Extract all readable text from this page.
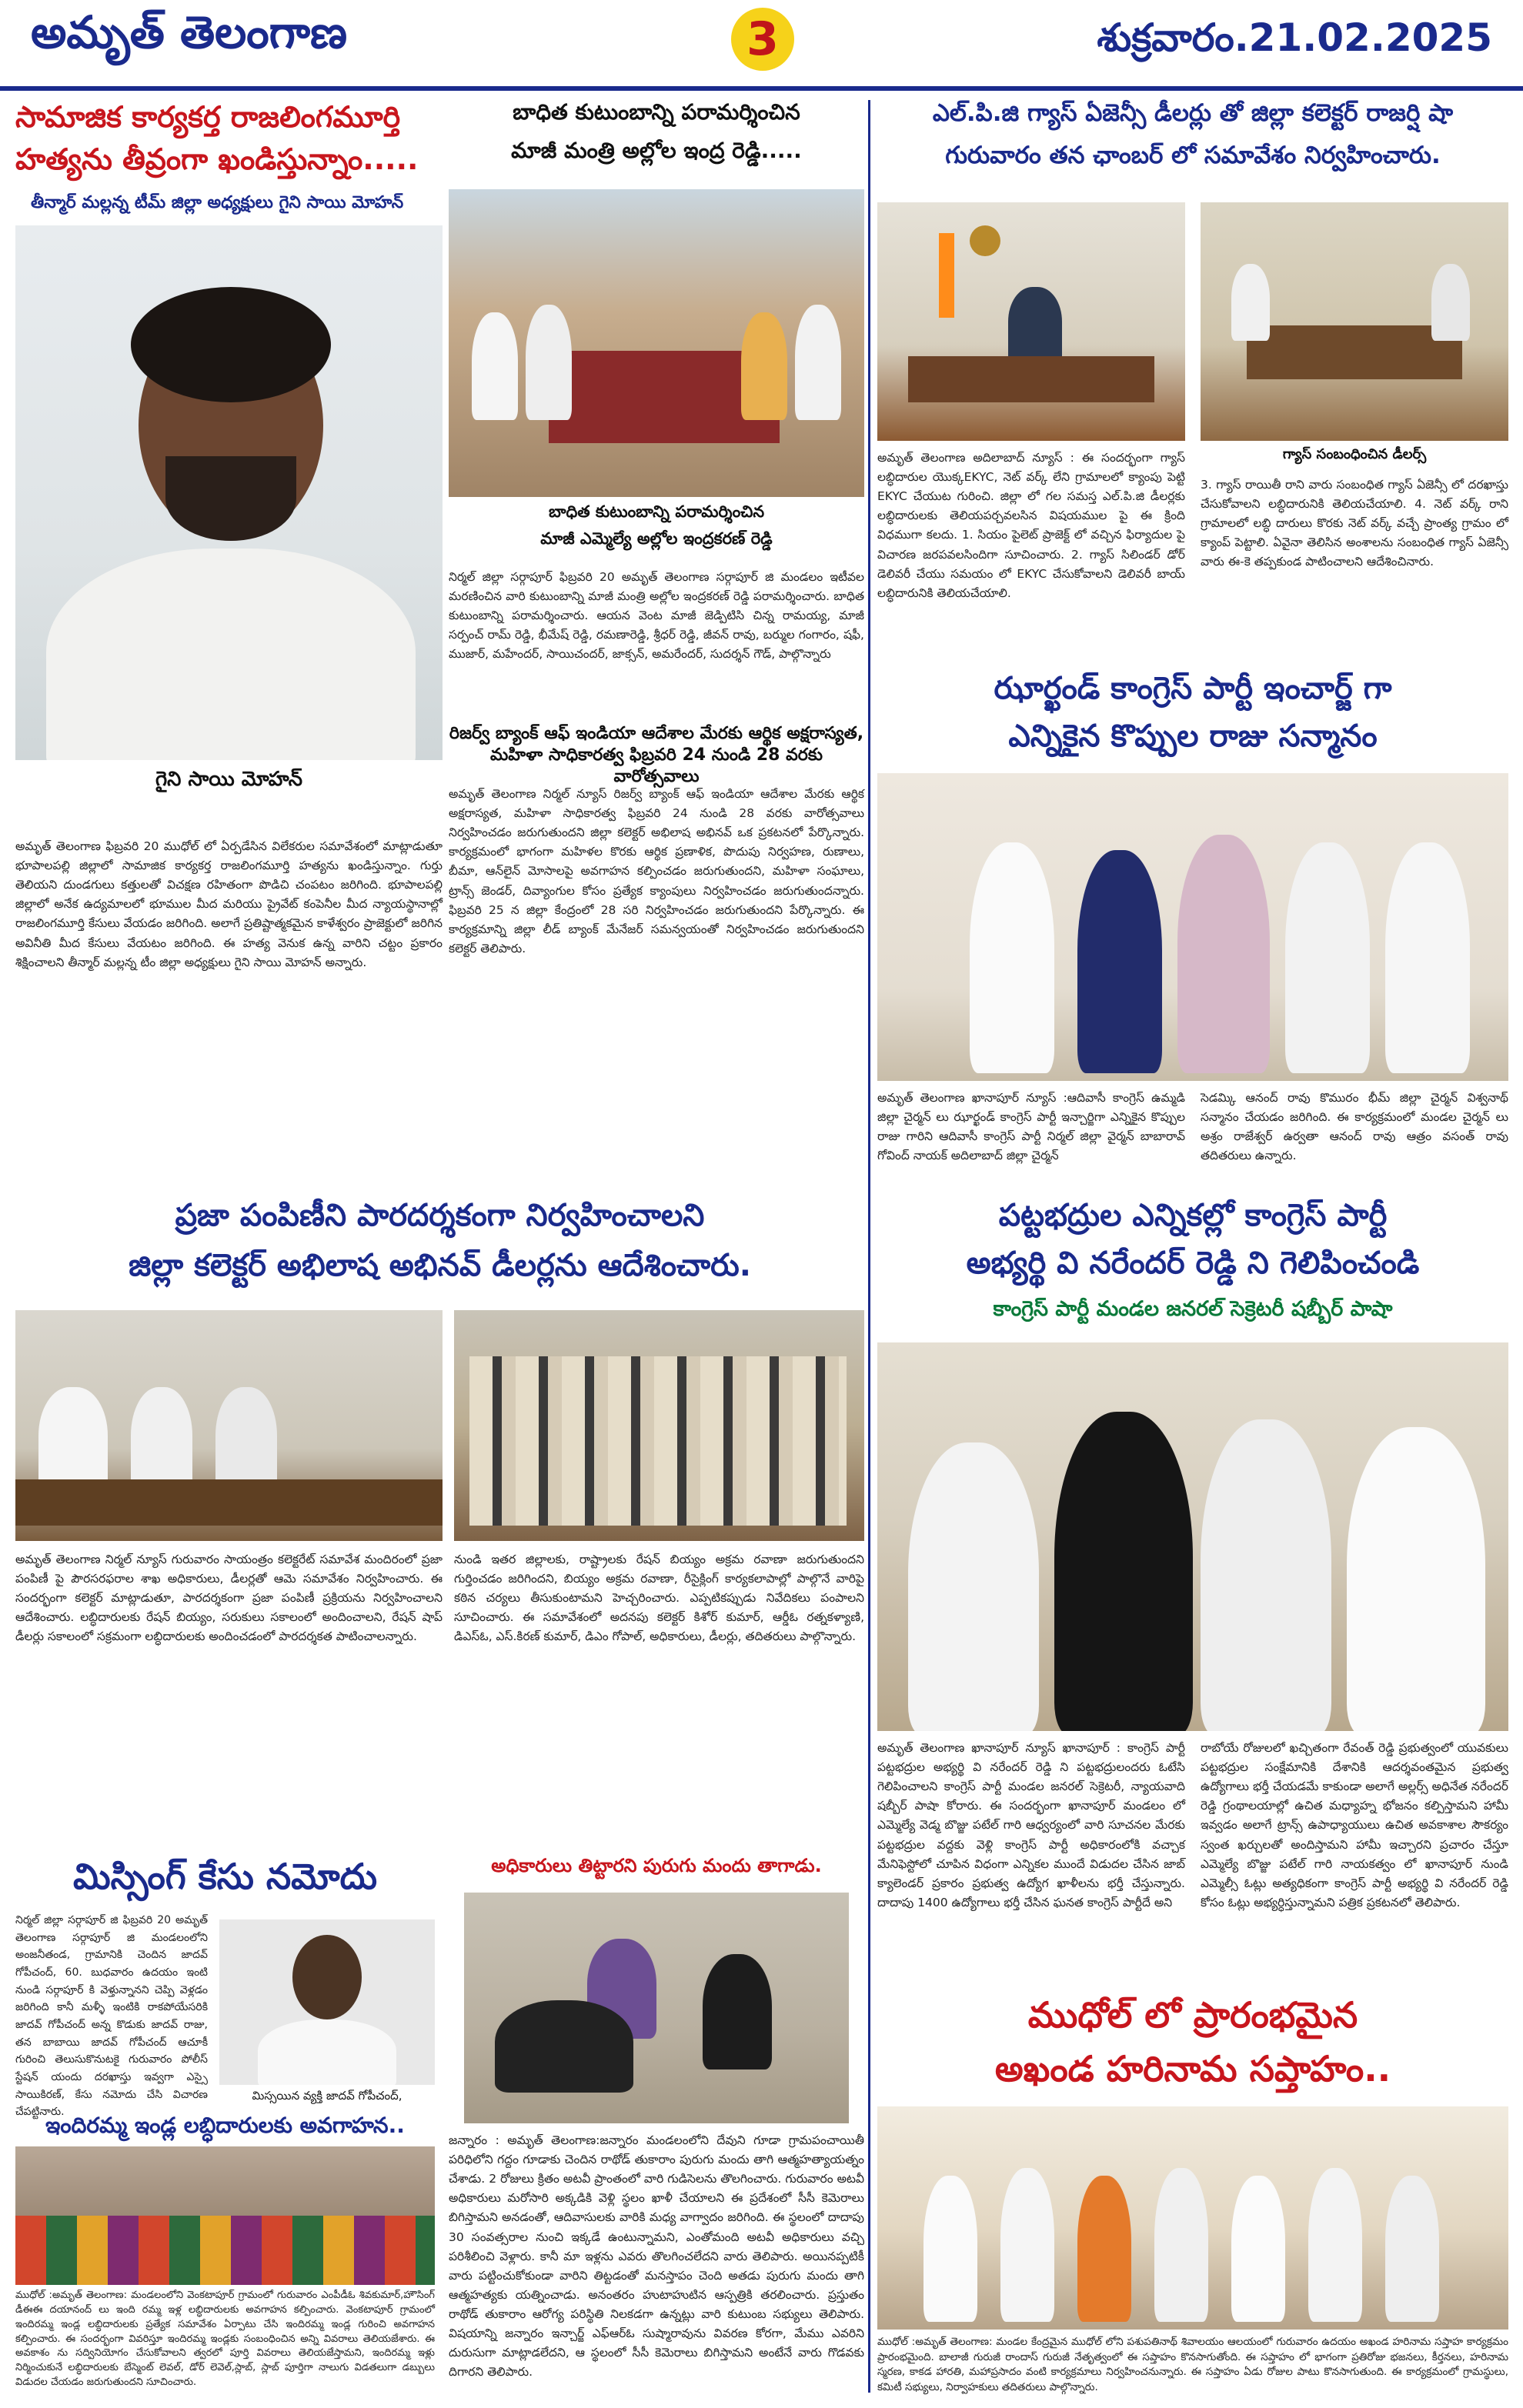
అమృత్ తెలంగాణ	3	శుక్రవారం.21.02.2025
సామాజిక కార్యకర్త రాజలింగమూర్తి
హత్యను తీవ్రంగా ఖండిస్తున్నాం.....
తీన్మార్ మల్లన్న టీమ్ జిల్లా అధ్యక్షులు గైని సాయి మోహన్
గైని సాయి మోహన్
అమృత్ తెలంగాణ ఫిబ్రవరి 20 ముధోల్ లో ఏర్పడేసిన విలేకరుల సమావేశంలో మాట్లాడుతూ భూపాలపల్లి జిల్లాలో సామాజిక కార్యకర్త రాజలింగమూర్తి హత్యను ఖండిస్తున్నాం. గుర్తు తెలియని దుండగులు కత్తులతో విచక్షణ రహితంగా పొడిచి చంపటం జరిగింది. భూపాలపల్లి జిల్లాలో అనేక ఉద్యమాలలో భూముల మీద మరియు ప్రైవేట్ కంపెనీల మీద న్యాయస్థానాల్లో రాజలింగమూర్తి కేసులు వేయడం జరిగింది. అలాగే ప్రతిష్టాత్మకమైన కాళేశ్వరం ప్రాజెక్టులో జరిగిన అవినీతి మీద కేసులు వేయటం జరిగింది. ఈ హత్య వెనుక ఉన్న వారిని చట్టం ప్రకారం శిక్షించాలని తీన్మార్ మల్లన్న టీం జిల్లా అధ్యక్షులు గైని సాయి మోహన్ అన్నారు.
బాధిత కుటుంబాన్ని పరామర్శించిన
మాజీ మంత్రి అల్లోల ఇంద్ర రెడ్డి.....
బాధిత కుటుంబాన్ని పరామర్శించిన
మాజీ ఎమ్మెల్యే అల్లోల ఇంద్రకరణ్ రెడ్డి
నిర్మల్ జిల్లా సర్గాపూర్ ఫిబ్రవరి 20 అమృత్ తెలంగాణ సర్గాపూర్ జి మండలం ఇటీవల మరణించిన వారి కుటుంబాన్ని మాజీ మంత్రి అల్లోల ఇంద్రకరణ్ రెడ్డి పరామర్శించారు. బాధిత కుటుంబాన్ని పరామర్శించారు. ఆయన వెంట మాజీ జెడ్పిటిసి చిన్న రామయ్య, మాజీ సర్పంచ్ రామ్ రెడ్డి, భీమేష్ రెడ్డి, రమణారెడ్డి, శ్రీధర్ రెడ్డి, జీవన్ రావు, బర్ముల గంగారం, షఫీ, ముజార్, మహేందర్, సాయిచందర్, జాక్సన్, అమరేందర్, సుదర్శన్ గౌడ్, పాల్గొన్నారు
రిజర్వ్ బ్యాంక్ ఆఫ్ ఇండియా ఆదేశాల మేరకు ఆర్థిక అక్షరాస్యత, మహిళా సాధికారత్వ ఫిబ్రవరి 24 నుండి 28 వరకు వారోత్సవాలు
అమృత్ తెలంగాణ నిర్మల్ న్యూస్ రిజర్వ్ బ్యాంక్ ఆఫ్ ఇండియా ఆదేశాల మేరకు ఆర్థిక అక్షరాస్యత, మహిళా సాధికారత్వ ఫిబ్రవరి 24 నుండి 28 వరకు వారోత్సవాలు నిర్వహించడం జరుగుతుందని జిల్లా కలెక్టర్ అభిలాష అభినవ్ ఒక ప్రకటనలో పేర్కొన్నారు. కార్యక్రమంలో భాగంగా మహిళల కొరకు ఆర్థిక ప్రణాళిక, పొదుపు నిర్వహణ, రుణాలు, బీమా, ఆన్‌లైన్ మోసాలపై అవగాహన కల్పించడం జరుగుతుందని, మహిళా సంఘాలు, ట్రాన్స్ జెండర్, దివ్యాంగుల కోసం ప్రత్యేక క్యాంపులు నిర్వహించడం జరుగుతుందన్నారు. ఫిబ్రవరి 25 న జిల్లా కేంద్రంలో 28 సరి నిర్వహించడం జరుగుతుందని పేర్కొన్నారు. ఈ కార్యక్రమాన్ని జిల్లా లీడ్ బ్యాంక్ మేనేజర్ సమన్వయంతో నిర్వహించడం జరుగుతుందని కలెక్టర్ తెలిపారు.
ఎల్.పి.జి గ్యాస్ ఏజెన్సీ డీలర్లు తో జిల్లా కలెక్టర్ రాజర్షి షా
గురువారం తన ఛాంబర్ లో సమావేశం నిర్వహించారు.
అమృత్ తెలంగాణ అదిలాబాద్ న్యూస్ : ఈ సందర్భంగా గ్యాస్ లబ్ధిదారుల యొక్కEKYC, నెట్ వర్క్ లేని గ్రామాలలో క్యాంపు పెట్టి EKYC చేయుట గురించి. జిల్లా లో గల సమస్త ఎల్.పి.జి డీలర్లకు లబ్ధిదారులకు తెలియపర్చవలసిన విషయముల పై ఈ క్రింది విధముగా కలదు. 1. సియం పైలెట్ ప్రాజెక్ట్ లో వచ్చిన ఫిర్యాదుల పై విచారణ జరపవలసిందిగా సూచించారు. 2. గ్యాస్ సిలిండర్ డోర్ డెలివరీ చేయు సమయం లో EKYC చేసుకోవాలని డెలివరీ బాయ్ లబ్ధిదారునికి తెలియచేయాలి.
గ్యాస్ సంబంధించిన డీలర్స్
3. గ్యాస్ రాయితీ రాని వారు సంబంధిత గ్యాస్ ఏజెన్సీ లో దరఖాస్తు చేసుకోవాలని లబ్ధిదారునికి తెలియచేయాలి. 4. నెట్ వర్క్ రాని గ్రామాలలో లబ్ధి దారులు కొరకు నెట్ వర్క్ వచ్చే ప్రాంత్య గ్రామం లో క్యాంప్ పెట్టాలి. ఏవైనా తెలిసిన అంశాలను సంబంధిత గ్యాస్ ఏజెన్సీ వారు ఈ-కె తప్పకుండ పాటించాలని ఆదేశించినారు.
ఝార్ఖండ్ కాంగ్రెస్ పార్టీ ఇంచార్జ్ గా
ఎన్నికైన కొప్పుల రాజు సన్మానం
అమృత్ తెలంగాణ ఖానాపూర్ న్యూస్ :ఆదివాసీ కాంగ్రెస్ ఉమ్మడి జిల్లా చైర్మన్ లు ఝార్ఖండ్ కాంగ్రెస్ పార్టీ ఇన్చార్జిగా ఎన్నికైన కొప్పుల రాజు గారిని ఆదివాసీ కాంగ్రెస్ పార్టీ నిర్మల్ జిల్లా వైర్మన్ బాబారావ్ గోవింద్ నాయక్ అదిలాబాద్ జిల్లా చైర్మన్
సెడమ్కి ఆనంద్ రావు కొమురం భీమ్ జిల్లా చైర్మన్ విశ్వనాథ్ సన్మానం చేయడం జరిగింది. ఈ కార్యక్రమంలో మండల చైర్మన్ లు అశ్రం రాజేశ్వర్ ఉర్వతా ఆనంద్ రావు ఆత్రం వసంత్ రావు తదితరులు ఉన్నారు.
ప్రజా పంపిణీని పారదర్శకంగా నిర్వహించాలని
జిల్లా కలెక్టర్ అభిలాష అభినవ్ డీలర్లను ఆదేశించారు.
అమృత్ తెలంగాణ నిర్మల్ న్యూస్ గురువారం సాయంత్రం కలెక్టరేట్ సమావేశ మందిరంలో ప్రజా పంపిణీ పై పౌరసరఫరాల శాఖ అధికారులు, డీలర్లతో ఆమె సమావేశం నిర్వహించారు. ఈ సందర్భంగా కలెక్టర్ మాట్లాడుతూ, పారదర్శకంగా ప్రజా పంపిణీ ప్రక్రియను నిర్వహించాలని ఆదేశించారు. లబ్ధిదారులకు రేషన్ బియ్యం, సరుకులు సకాలంలో అందించాలని, రేషన్ షాప్ డీలర్లు సకాలంలో సక్రమంగా లబ్ధిదారులకు అందించడంలో పారదర్శకత పాటించాలన్నారు.
నుండి ఇతర జిల్లాలకు, రాష్ట్రాలకు రేషన్ బియ్యం అక్రమ రవాణా జరుగుతుందని గుర్తించడం జరిగిందని, బియ్యం అక్రమ రవాణా, రీసైక్లింగ్ కార్యకలాపాల్లో పాల్గొనే వారిపై కఠిన చర్యలు తీసుకుంటామని హెచ్చరించారు. ఎప్పటికప్పుడు నివేదికలు పంపాలని సూచించారు. ఈ సమావేశంలో అదనపు కలెక్టర్ కిశోర్ కుమార్, ఆర్డీఓ రత్నకళ్యాణి, డిఎస్ఓ, ఎస్.కిరణ్ కుమార్, డిఎం గోపాల్, అధికారులు, డీలర్లు, తదితరులు పాల్గొన్నారు.
పట్టభద్రుల ఎన్నికల్లో కాంగ్రెస్ పార్టీ
అభ్యర్థి వి నరేందర్ రెడ్డి ని గెలిపించండి
కాంగ్రెస్ పార్టీ మండల జనరల్ సెక్రెటరీ షబ్బీర్ పాషా
అమృత్ తెలంగాణ ఖానాపూర్ న్యూస్ ఖానాపూర్ : కాంగ్రెస్ పార్టీ పట్టభద్రుల అభ్యర్థి వి నరేందర్ రెడ్డి ని పట్టభద్రులందరు ఓటేసి గెలిపించాలని కాంగ్రెస్ పార్టీ మండల జనరల్ సెక్రెటరీ, న్యాయవాది షబ్బీర్ పాషా కోరారు. ఈ సందర్భంగా ఖానాపూర్ మండలం లో ఎమ్మెల్యే వెడ్మ బొజ్జు పటేల్ గారి ఆధ్వర్యంలో వారి సూచనల మేరకు పట్టభద్రుల వద్దకు వెళ్లి కాంగ్రెస్ పార్టీ అధికారంలోకి వచ్చాక మేనిఫెస్టోలో చూపిన విధంగా ఎన్నికల ముందే విడుదల చేసిన జాబ్ క్యాలెండర్ ప్రకారం ప్రభుత్వ ఉద్యోగ ఖాళీలను భర్తీ చేస్తున్నారు. దాదాపు 1400 ఉద్యోగాలు భర్తీ చేసిన ఘనత కాంగ్రెస్ పార్టీదే అని
రాబోయే రోజులలో ఖచ్చితంగా రేవంత్ రెడ్డి ప్రభుత్వంలో యువకులు పట్టభద్రుల సంక్షేమానికి దేశానికి ఆదర్శవంతమైన ప్రభుత్వ ఉద్యోగాలు భర్తీ చేయడమే కాకుండా అలాగే అల్లర్స్ అధినేత నరేందర్ రెడ్డి గ్రంథాలయాల్లో ఉచిత మధ్యాహ్న భోజనం కల్పిస్తామని హామీ ఇవ్వడం అలాగే ట్రాన్స్ ఉపాధ్యాయులు ఉచిత అవకాశాల సౌకర్యం స్వంత ఖర్చులతో అందిస్తామని హామీ ఇచ్చారని ప్రచారం చేస్తూ ఎమ్మెల్యే బొజ్జు పటేల్ గారి నాయకత్వం లో ఖానాపూర్ నుండి ఎమ్మెల్సీ ఓట్లు అత్యధికంగా కాంగ్రెస్ పార్టీ అభ్యర్థి వి నరేందర్ రెడ్డి కోసం ఓట్లు అభ్యర్ధిస్తున్నామని పత్రిక ప్రకటనలో తెలిపారు.
మిస్సింగ్ కేసు నమోదు
నిర్మల్ జిల్లా సర్గాపూర్ జి ఫిబ్రవరి 20 అమృత్ తెలంగాణ సర్గాపూర్ జి మండలంలోని అంజనీతండ, గ్రామానికి చెందిన జాదవ్ గోపీచంద్, 60. బుధవారం ఉదయం ఇంటి నుండి సర్గాపూర్ కి వెళ్తున్నానని చెప్పి వెళ్లడం జరిగింది కానీ మళ్ళీ ఇంటికి రాకపోయేసరికి జాదవ్ గోపీచంద్ అన్న కొడుకు జాదవ్ రాజు, తన బాబాయి జాదవ్ గోపీచంద్ ఆచూకీ గురించి తెలుసుకొనుటకై గురువారం పోలీస్ స్టేషన్ యందు దరఖాస్తు ఇవ్వగా ఎస్సై సాయికిరణ్, కేసు నమోదు చేసి విచారణ చేపట్టినారు.
మిస్సయిన వ్యక్తి జాదవ్ గోపీచంద్,
అధికారులు తిట్టారని పురుగు మందు తాగాడు.
జన్నారం : అమృత్ తెలంగాణ:జన్నారం మండలంలోని దేవుని గూడా గ్రామపంచాయితీ పరిధిలోని గద్దం గూడాకు చెందిన రాథోడ్ తుకారాం పురుగు మందు తాగి ఆత్మహత్యాయత్నం చేశాడు. 2 రోజులు క్రితం అటవీ ప్రాంతంలో వారి గుడిసెలను తొలగించారు. గురువారం అటవీ అధికారులు మరోసారి అక్కడికి వెళ్లి స్థలం ఖాళీ చేయాలని ఈ ప్రదేశంలో సీసీ కెమెరాలు బిగిస్తామని అనడంతో, ఆదివాసులకు వారికి మధ్య వాగ్వాదం జరిగింది. ఈ స్థలంలో దాదాపు 30 సంవత్సరాల నుంచి ఇక్కడే ఉంటున్నామని, ఎంతోమంది అటవీ అధికారులు వచ్చి పరిశీలించి వెళ్లారు. కానీ మా ఇళ్లను ఎవరు తొలగించలేదని వారు తెలిపారు. అయినప్పటికీ వారు పట్టించుకోకుండా వారిని తిట్టడంతో మనస్తాపం చెంది అతడు పురుగు మందు తాగి ఆత్మహత్యకు యత్నించాడు. అనంతరం హుటాహుటిన ఆస్పత్రికి తరలించారు. ప్రస్తుతం రాథోడ్ తుకారాం ఆరోగ్య పరిస్థితి నిలకడగా ఉన్నట్లు వారి కుటుంబ సభ్యులు తెలిపారు. విషయాన్ని జన్నారం ఇన్చార్జ్ ఎఫ్ఆర్ఓ సుష్మారావును వివరణ కోరగా, మేము ఎవరిని దురుసుగా మాట్లాడలేదని, ఆ స్థలంలో సీసీ కెమెరాలు బిగిస్తామని అంటేనే వారు గొడవకు దిగారని తెలిపారు.
ఇందిరమ్మ ఇండ్ల లబ్ధిదారులకు అవగాహన..
ముధోల్ :అమృత్ తెలంగాణ: మండలంలోని వెంకటాపూర్ గ్రామంలో గురువారం ఎంపీడీఓ శివకుమార్,హౌసింగ్ డీఈఈ దయానంద్ లు ఇంది రమ్మ ఇళ్ల లబ్ధిదారులకు అవగాహన కల్పించారు. వెంకటాపూర్ గ్రామంలో ఇందిరమ్మ ఇండ్ల లబ్ధిదారులకు ప్రత్యేక సమావేశం ఏర్పాటు చేసి ఇందిరమ్మ ఇండ్ల గురించి అవగాహన కల్పించారు. ఈ సందర్భంగా వివరిస్తూ ఇందిరమ్మ ఇండ్లకు సంబంధించిన అన్ని వివరాలు తెలియజేశారు. ఈ అవకాశం ను సద్వినియోగం చేసుకోవాలని త్వరలో పూర్తి వివరాలు తెలియజేస్తామని, ఇందిరమ్మ ఇళ్లు నిర్మించుకునే లబ్ధిదారులకు బేస్మెంట్ లెవల్, డోర్ లెవెల్,స్లాబ్, స్లాబ్ పూర్తిగా నాలుగు విడతలుగా డబ్బులు విడుదల చేయడం జరుగుతుందని సూచించారు.
ముధోల్ లో ప్రారంభమైన
అఖండ హరినామ సప్తాహం..
ముధోల్ :అమృత్ తెలంగాణ: మండల కేంద్రమైన ముధోల్ లోని పశుపతినాథ్ శివాలయం ఆలయంలో గురువారం ఉదయం అఖండ హరినామ సప్తాహ కార్యక్రమం ప్రారంభమైంది. బాలాజీ గురుజీ రాందాస్ గురుజీ నేతృత్వంలో ఈ సప్తాహం కొనసాగుతోంది. ఈ సప్తాహం లో భాగంగా ప్రతిరోజు భజనలు, కీర్తనలు, హరినామ స్మరణ, కాకడ హారతి, మహాప్రసాదం వంటి కార్యక్రమాలు నిర్వహించనున్నారు. ఈ సప్తాహం ఏడు రోజుల పాటు కొనసాగుతుంది. ఈ కార్యక్రమంలో గ్రామస్థులు, కమిటీ సభ్యులు, నిర్వాహకులు తదితరులు పాల్గొన్నారు.
